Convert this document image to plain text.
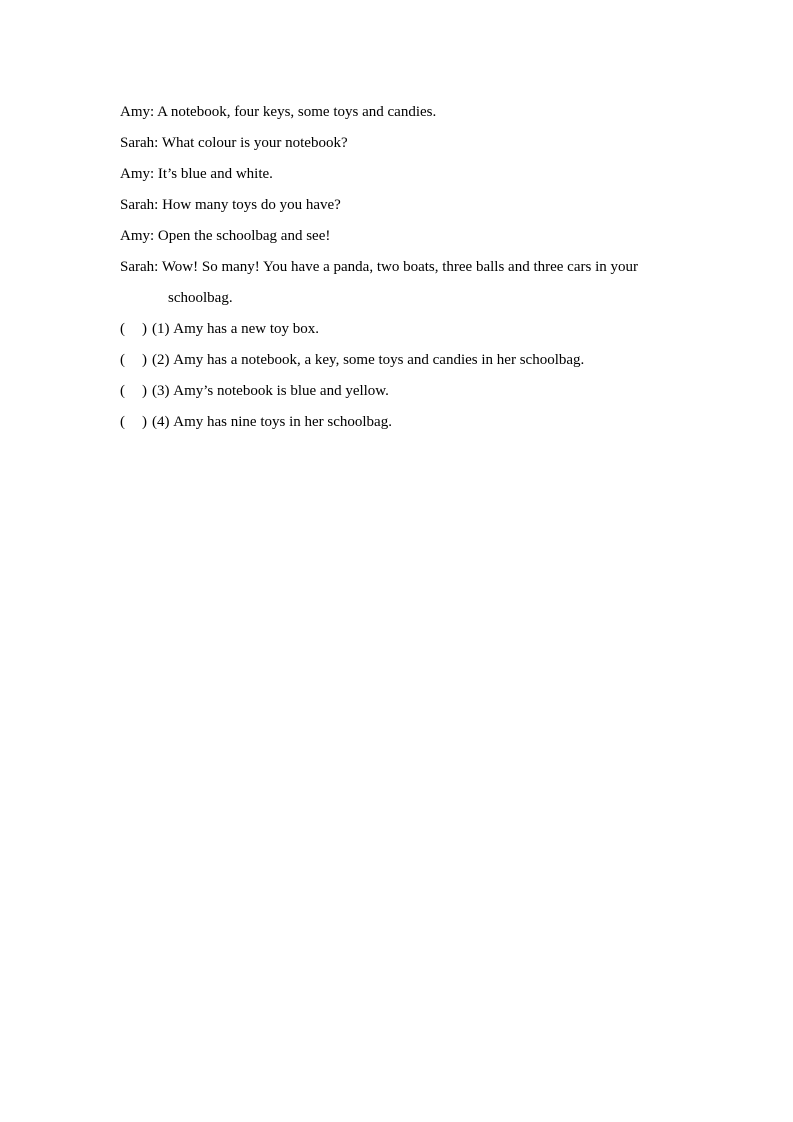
Amy: A notebook, four keys, some toys and candies.
Sarah: What colour is your notebook?
Amy: It’s blue and white.
Sarah: How many toys do you have?
Amy: Open the schoolbag and see!
Sarah: Wow! So many! You have a panda, two boats, three balls and three cars in your
schoolbag.
(	) (1)
Amy has a new toy box.
(	) (2)
Amy has a notebook, a key, some toys and candies in her schoolbag.
(	) (3)
Amy’s notebook is blue and yellow.
(	) (4)
Amy has nine toys in her schoolbag.
